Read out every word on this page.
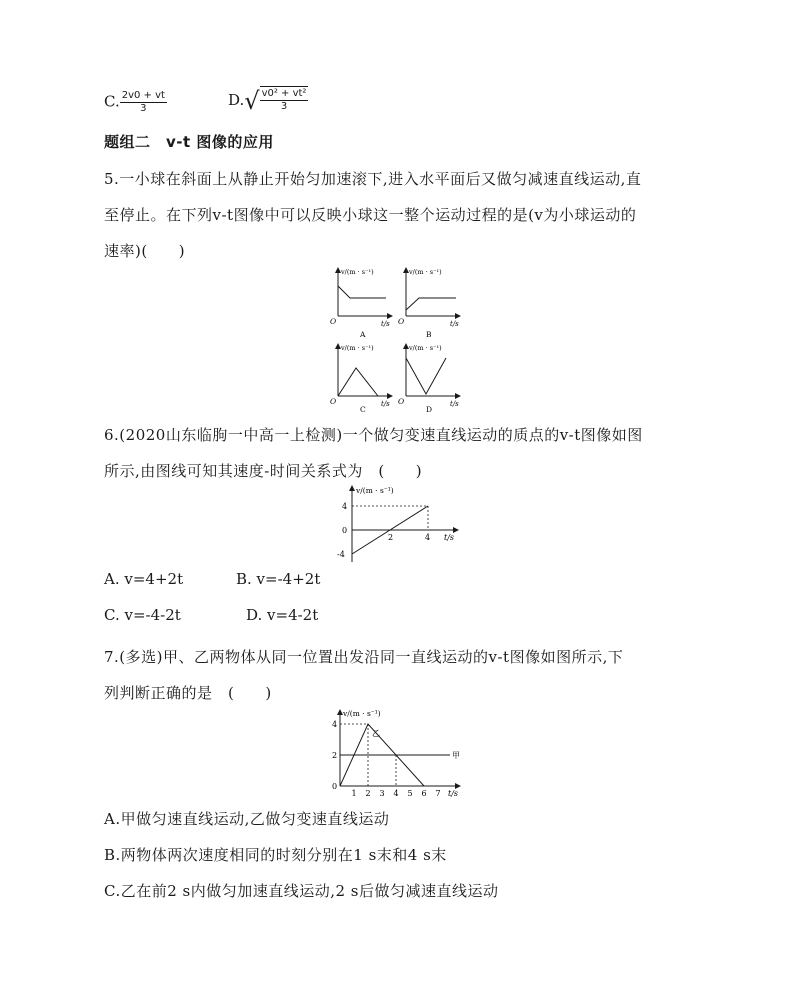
C. $\frac{2v0 + vt}{3}$	D. √ $\frac{\text{v0² + vt²}}{3}$
题组二　v-t 图像的应用
5.一小球在斜面上从静止开始匀加速滚下,进入水平面后又做匀减速直线运动,直
至停止。在下列v-t图像中可以反映小球这一整个运动过程的是(v为小球运动的
速率)(　　)
v/(m · s⁻¹)
t/s
O
A
v/(m · s⁻¹)
t/s
O
B
v/(m · s⁻¹)
t/s
O
C
v/(m · s⁻¹)
t/s
O
D
6.(2020山东临朐一中高一上检测)一个做匀变速直线运动的质点的v-t图像如图
所示,由图线可知其速度-时间关系式为　(　　)
v/(m · s⁻¹)
t/s
4
0
-4
2	4
A. v=4+2t	B. v=-4+2t
C. v=-4-2t	D. v=4-2t
7.(多选)甲、乙两物体从同一位置出发沿同一直线运动的v-t图像如图所示,下
列判断正确的是　(　　)
v/(m · s⁻¹)
t/s
4
2
0
1 2 3 4 5 6 7
甲
乙
A.甲做匀速直线运动,乙做匀变速直线运动
B.两物体两次速度相同的时刻分别在1 s末和4 s末
C.乙在前2 s内做匀加速直线运动,2 s后做匀减速直线运动
